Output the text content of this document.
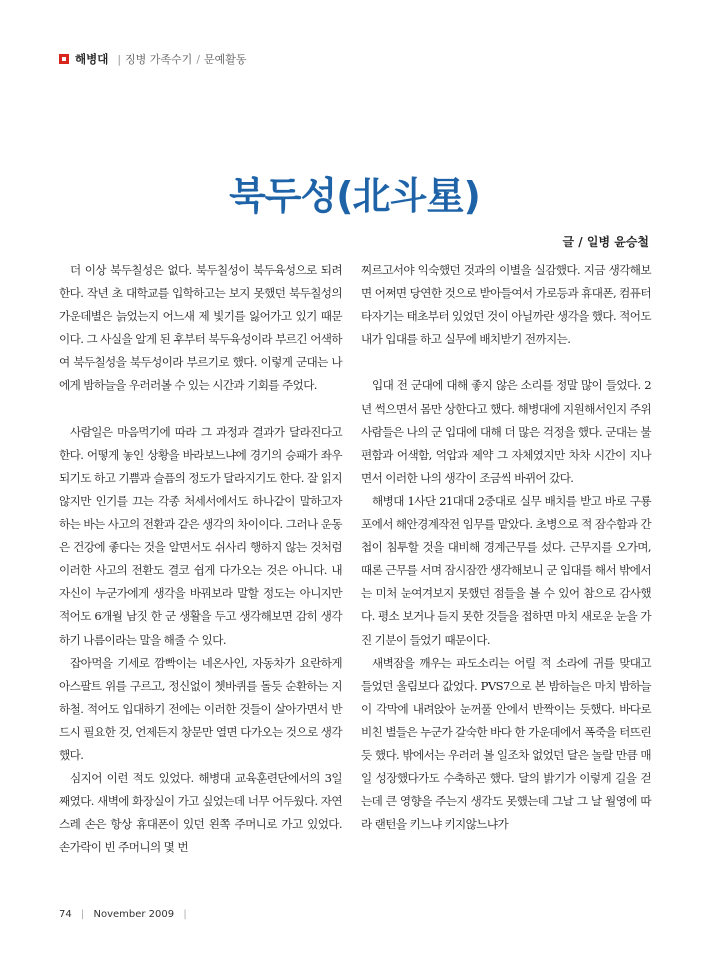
해병대 | 징병 가족수기 / 문예활동
북두성(北斗星)
글 / 일병 윤승철

더 이상 북두칠성은 없다. 북두칠성이 북두육성으로 되려한다. 작년 초 대학교를 입학하고는 보지 못했던 북두칠성의 가운데별은 늙었는지 어느새 제 빛기를 잃어가고 있기 때문이다. 그 사실을 알게 된 후부터 북두육성이라 부르긴 어색하여 북두칠성을 북두성이라 부르기로 했다. 이렇게 군대는 나에게 밤하늘을 우러러볼 수 있는 시간과 기회를 주었다.

사람일은 마음먹기에 따라 그 과정과 결과가 달라진다고 한다. 어떻게 놓인 상황을 바라보느냐에 경기의 승패가 좌우되기도 하고 기쁨과 슬픔의 정도가 달라지기도 한다. 잘 읽지 않지만 인기를 끄는 각종 처세서에서도 하나같이 말하고자 하는 바는 사고의 전환과 같은 생각의 차이이다. 그러나 운동은 건강에 좋다는 것을 알면서도 쉬사리 행하지 않는 것처럼 이러한 사고의 전환도 결코 쉽게 다가오는 것은 아니다. 내 자신이 누군가에게 생각을 바꿔보라 말할 정도는 아니지만 적어도 6개월 남짓 한 군 생활을 두고 생각해보면 감히 생각하기 나름이라는 말을 해줄 수 있다.

잡아먹을 기세로 깜빡이는 네온사인, 자동차가 요란하게 아스팔트 위를 구르고, 정신없이 쳇바퀴를 돌듯 순환하는 지하철. 적어도 입대하기 전에는 이러한 것들이 살아가면서 반드시 필요한 것, 언제든지 창문만 열면 다가오는 것으로 생각했다.

심지어 이런 적도 있었다. 해병대 교육훈련단에서의 3일째였다. 새벽에 화장실이 가고 싶었는데 너무 어두웠다. 자연스레 손은 항상 휴대폰이 있던 왼쪽 주머니로 가고 있었다. 손가락이 빈 주머니의 몇 번

찌르고서야 익숙했던 것과의 이별을 실감했다. 지금 생각해보면 어쩌면 당연한 것으로 받아들여서 가로등과 휴대폰, 컴퓨터 타자기는 태초부터 있었던 것이 아닐까란 생각을 했다. 적어도 내가 입대를 하고 실무에 배치받기 전까지는.

입대 전 군대에 대해 좋지 않은 소리를 정말 많이 들었다. 2년 썩으면서 몸만 상한다고 했다. 해병대에 지원해서인지 주위 사람들은 나의 군 입대에 대해 더 많은 걱정을 했다. 군대는 불편함과 어색함, 억압과 제약 그 자체였지만 차차 시간이 지나면서 이러한 나의 생각이 조금씩 바뀌어 갔다.

해병대 1사단 21대대 2중대로 실무 배치를 받고 바로 구룡포에서 해안경계작전 임무를 맡았다. 초병으로 적 잠수함과 간첩이 침투할 것을 대비해 경계근무를 섰다. 근무지를 오가며, 때론 근무를 서며 잠시잠깐 생각해보니 군 입대를 해서 밖에서는 미처 눈여겨보지 못했던 점들을 볼 수 있어 참으로 감사했다. 평소 보거나 듣지 못한 것들을 접하면 마치 새로운 눈을 가진 기분이 들었기 때문이다.

새벽잠을 깨우는 파도소리는 어릴 적 소라에 귀를 맞대고 들었던 울림보다 값었다. PVS7으로 본 밤하늘은 마치 밤하늘이 각막에 내려앉아 눈꺼풀 안에서 반짝이는 듯했다. 바다로 비친 별들은 누군가 갈숙한 바다 한 가운데에서 폭죽을 터뜨린 듯 했다. 밖에서는 우러러 볼 일조차 없었던 달은 놀랄 만큼 매일 성장했다가도 수축하곤 했다. 달의 밝기가 이렇게 길을 걷는데 큰 영향을 주는지 생각도 못했는데 그날 그 날 월영에 따라 랜턴을 키느냐 키지않느냐가

74 | November 2009 |
